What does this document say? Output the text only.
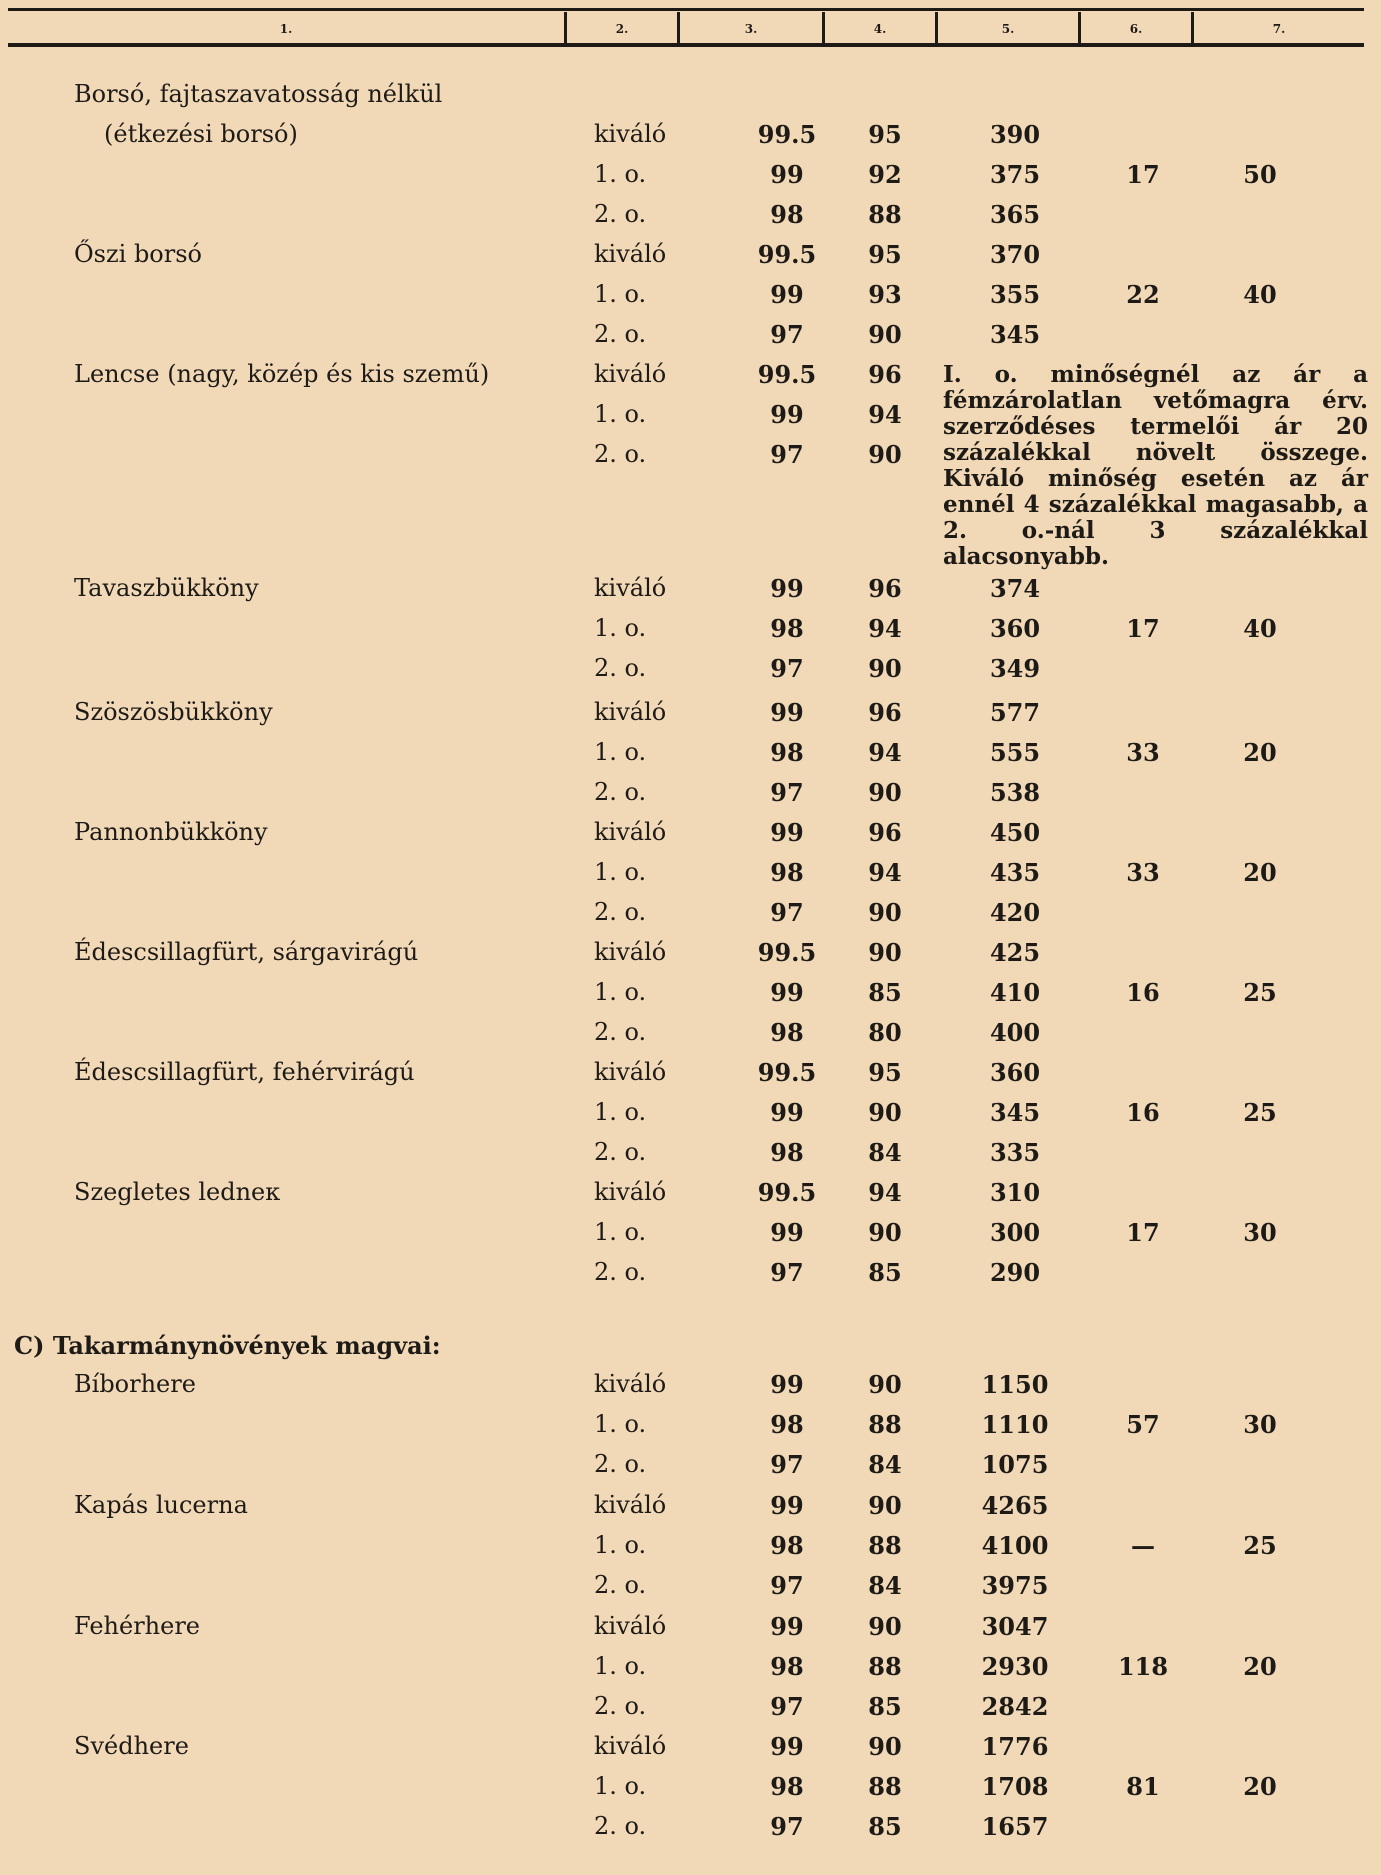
1.	2.	3.	4.	5.	6.	7.
Borsó, fajtaszavatosság nélkül
(étkezési borsó)	kiváló	99.5	95	390
1. o.	99	92	375	17	50
2. o.	98	88	365
Őszi borsó	kiváló	99.5	95	370
1. o.	99	93	355	22	40
2. o.	97	90	345
Lencse (nagy, közép és kis szemű)	kiváló	99.5	96
1. o.	99	94
2. o.	97	90
Tavaszbükköny	kiváló	99	96	374
1. o.	98	94	360	17	40
2. o.	97	90	349
Szöszösbükköny	kiváló	99	96	577
1. o.	98	94	555	33	20
2. o.	97	90	538
Pannonbükköny	kiváló	99	96	450
1. o.	98	94	435	33	20
2. o.	97	90	420
Édescsillagfürt, sárgavirágú	kiváló	99.5	90	425
1. o.	99	85	410	16	25
2. o.	98	80	400
Édescsillagfürt, fehérvirágú	kiváló	99.5	95	360
1. o.	99	90	345	16	25
2. o.	98	84	335
Szegletes ledneк	kiváló	99.5	94	310
1. o.	99	90	300	17	30
2. o.	97	85	290
Bíborhere	kiváló	99	90	1150
1. o.	98	88	1110	57	30
2. o.	97	84	1075
Kapás lucerna	kiváló	99	90	4265
1. o.	98	88	4100	—	25
2. o.	97	84	3975
Fehérhere	kiváló	99	90	3047
1. o.	98	88	2930	118	20
2. o.	97	85	2842
Svédhere	kiváló	99	90	1776
1. o.	98	88	1708	81	20
2. o.	97	85	1657
C) Takarmánynövények magvai:
I. o. minőségnél az ár a fémzárolatlan vetőmagra érv. szerződéses termelői ár 20 százalékkal növelt összege. Kiváló minőség esetén az ár ennél 4 százalékkal magasabb, a 2. o.-nál 3 százalékkal alacsonyabb.
